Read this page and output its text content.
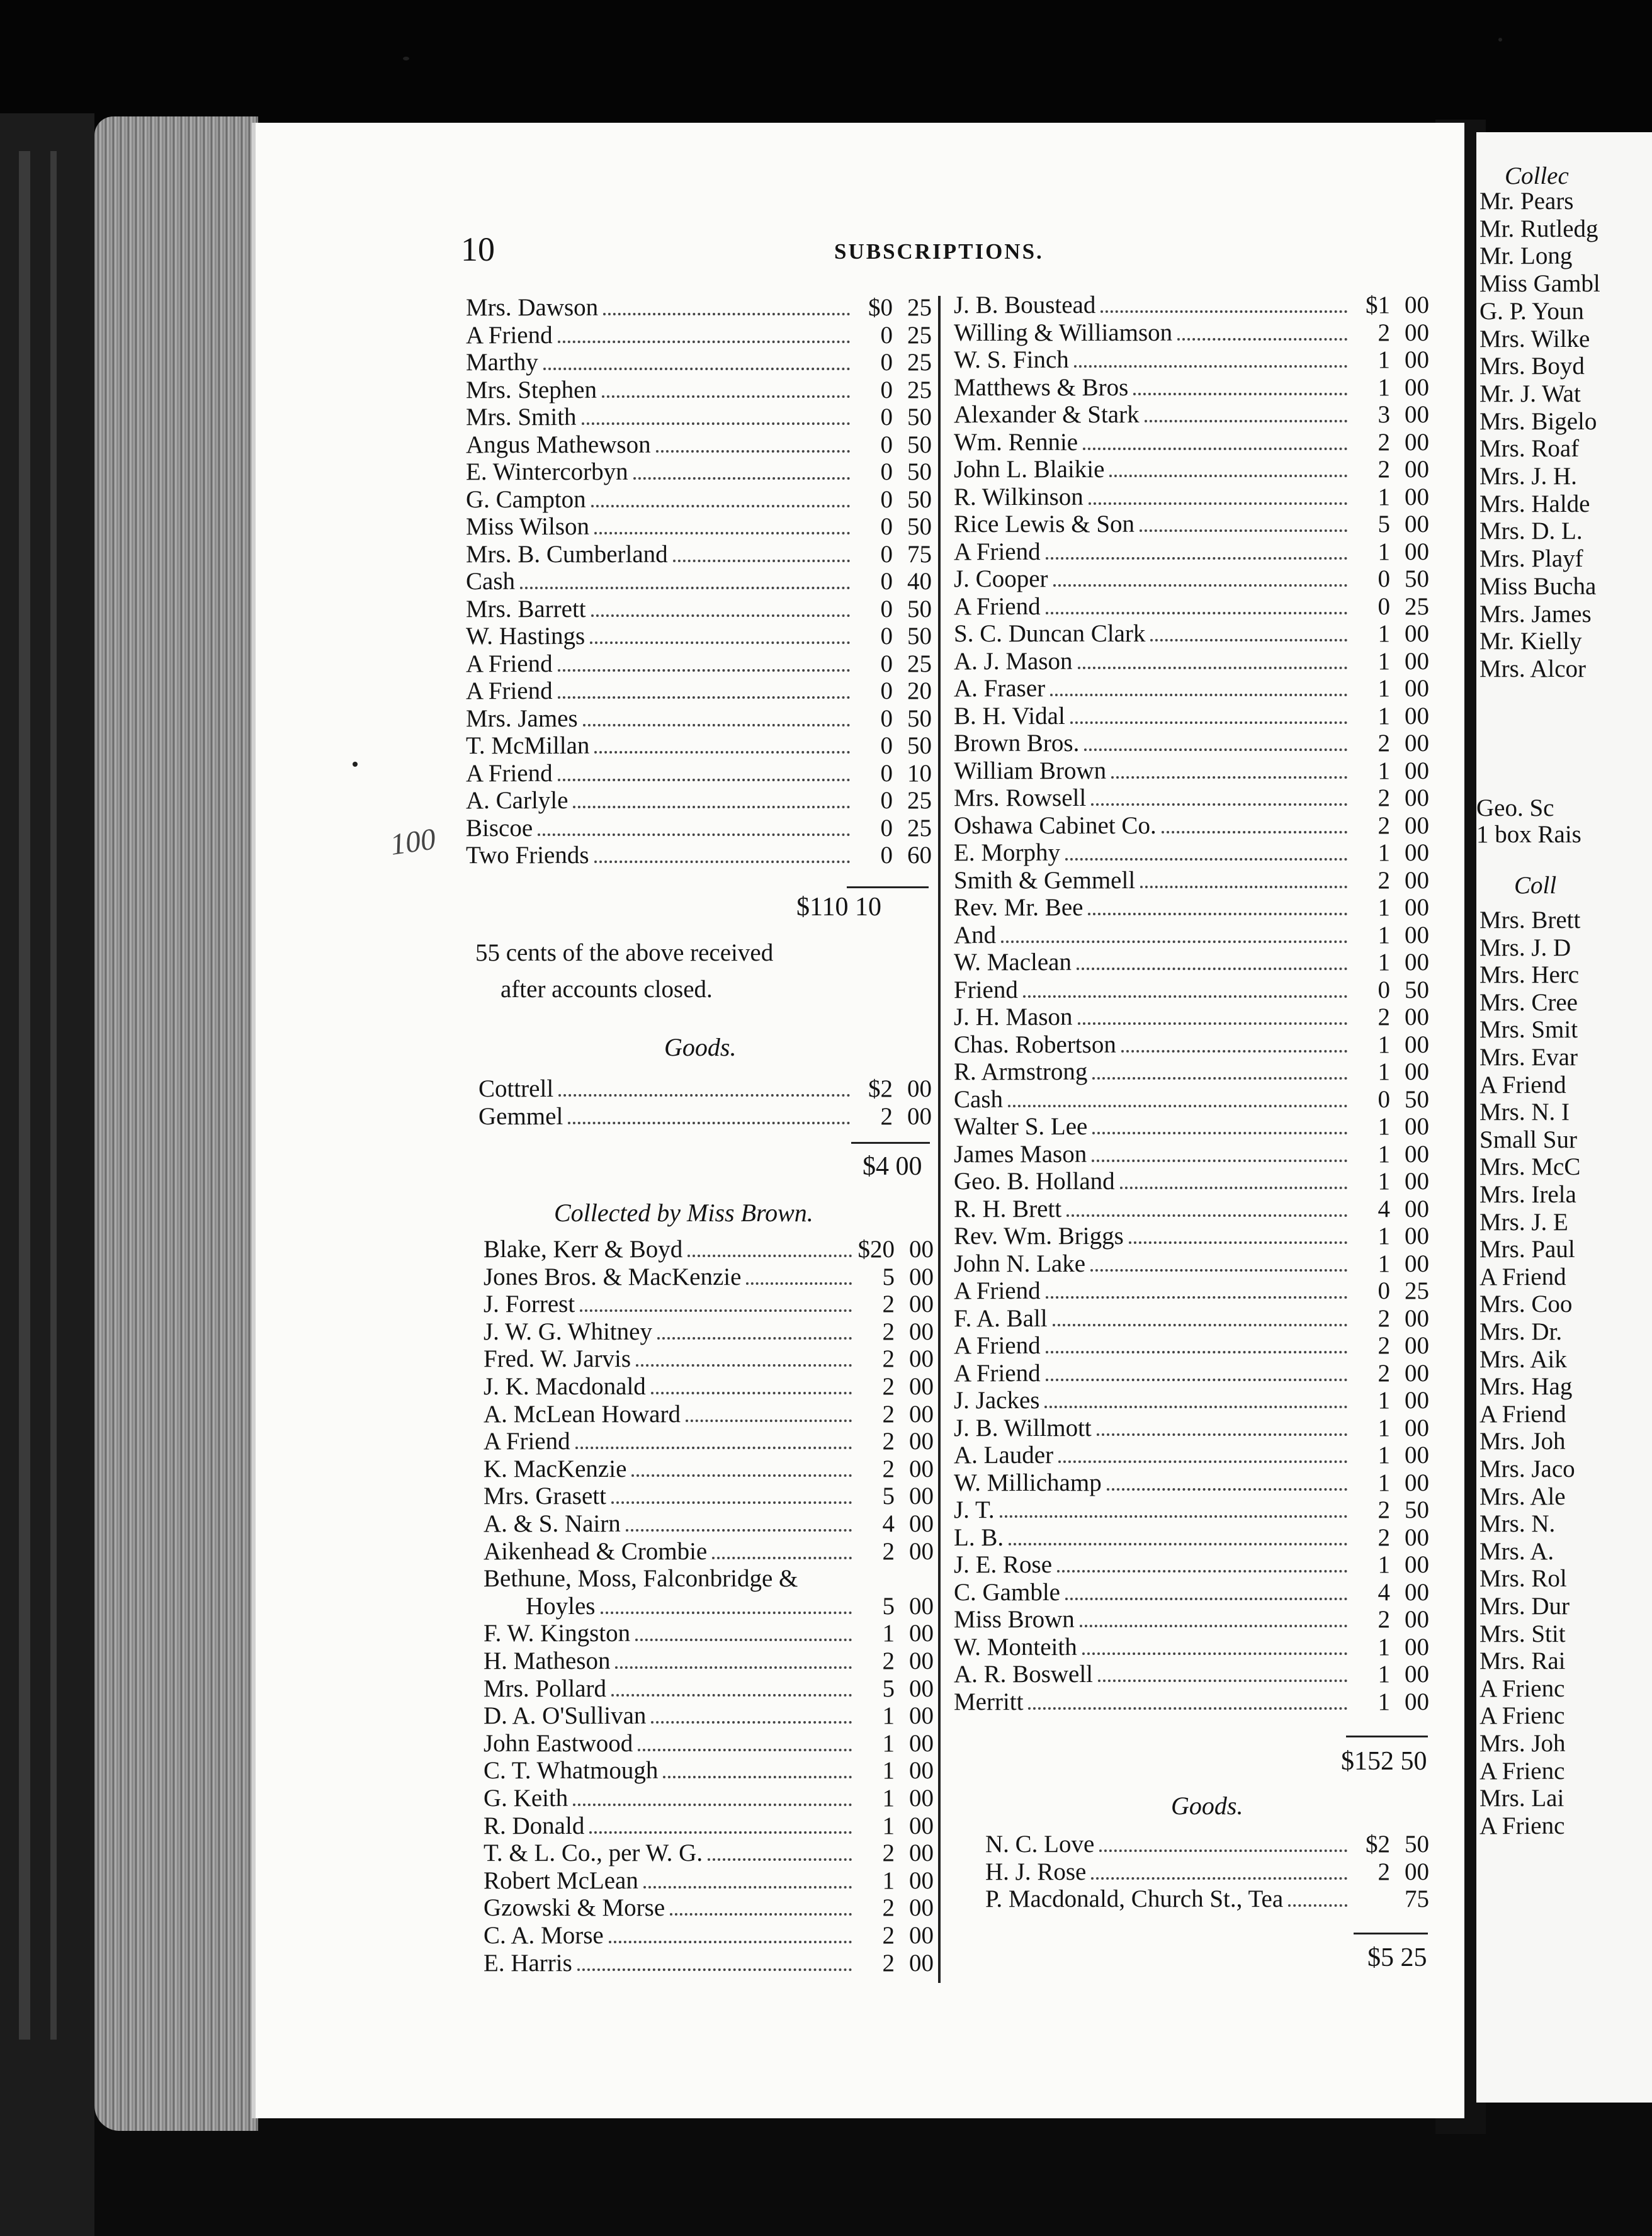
Collec
Mr. Pears
Mr. Rutledg
Mr. Long
Miss Gambl
G. P. Youn
Mrs. Wilke
Mrs. Boyd
Mr. J. Wat
Mrs. Bigelo
Mrs. Roaf
Mrs. J. H.
Mrs. Halde
Mrs. D. L.
Mrs. Playf
Miss Bucha
Mrs. James
Mr. Kielly
Mrs. Alcor
Geo. Sc
1 box Rais
Coll
Mrs. Brett
Mrs. J. D
Mrs. Herc
Mrs. Cree
Mrs. Smit
Mrs. Evar
A Friend
Mrs. N. I
Small Sur
Mrs. McC
Mrs. Irela
Mrs. J. E
Mrs. Paul
A Friend
Mrs. Coo
Mrs. Dr.
Mrs. Aik
Mrs. Hag
A Friend
Mrs. Joh
Mrs. Jaco
Mrs. Ale
Mrs. N.
Mrs. A.
Mrs. Rol
Mrs. Dur
Mrs. Stit
Mrs. Rai
A Frienc
A Frienc
Mrs. Joh
A Frienc
Mrs. Lai
A Frienc
10	SUBSCRIPTIONS.
100
Mrs. Dawson	$0 25
A Friend	0 25
Marthy	0 25
Mrs. Stephen	0 25
Mrs. Smith	0 50
Angus Mathewson	0 50
E. Wintercorbyn	0 50
G. Campton	0 50
Miss Wilson	0 50
Mrs. B. Cumberland	0 75
Cash	0 40
Mrs. Barrett	0 50
W. Hastings	0 50
A Friend	0 25
A Friend	0 20
Mrs. James	0 50
T. McMillan	0 50
A Friend	0 10
A. Carlyle	0 25
Biscoe	0 25
Two Friends	0 60
Cottrell	$2 00
Gemmel	2 00
Blake, Kerr & Boyd	$20 00
Jones Bros. & MacKenzie	5 00
J. Forrest	2 00
J. W. G. Whitney	2 00
Fred. W. Jarvis	2 00
J. K. Macdonald	2 00
A. McLean Howard	2 00
A Friend	2 00
K. MacKenzie	2 00
Mrs. Grasett	5 00
A. & S. Nairn	4 00
Aikenhead & Crombie	2 00
Bethune, Moss, Falconbridge &
Hoyles	5 00
F. W. Kingston	1 00
H. Matheson	2 00
Mrs. Pollard	5 00
D. A. O'Sullivan	1 00
John Eastwood	1 00
C. T. Whatmough	1 00
G. Keith	1 00
R. Donald	1 00
T. & L. Co., per W. G.	2 00
Robert McLean	1 00
Gzowski & Morse	2 00
C. A. Morse	2 00
E. Harris	2 00
J. B. Boustead	$1 00
Willing & Williamson	2 00
W. S. Finch	1 00
Matthews & Bros	1 00
Alexander & Stark	3 00
Wm. Rennie	2 00
John L. Blaikie	2 00
R. Wilkinson	1 00
Rice Lewis & Son	5 00
A Friend	1 00
J. Cooper	0 50
A Friend	0 25
S. C. Duncan Clark	1 00
A. J. Mason	1 00
A. Fraser	1 00
B. H. Vidal	1 00
Brown Bros.	2 00
William Brown	1 00
Mrs. Rowsell	2 00
Oshawa Cabinet Co.	2 00
E. Morphy	1 00
Smith & Gemmell	2 00
Rev. Mr. Bee	1 00
And	1 00
W. Maclean	1 00
Friend	0 50
J. H. Mason	2 00
Chas. Robertson	1 00
R. Armstrong	1 00
Cash	0 50
Walter S. Lee	1 00
James Mason	1 00
Geo. B. Holland	1 00
R. H. Brett	4 00
Rev. Wm. Briggs	1 00
John N. Lake	1 00
A Friend	0 25
F. A. Ball	2 00
A Friend	2 00
A Friend	2 00
J. Jackes	1 00
J. B. Willmott	1 00
A. Lauder	1 00
W. Millichamp	1 00
J. T.	2 50
L. B.	2 00
J. E. Rose	1 00
C. Gamble	4 00
Miss Brown	2 00
W. Monteith	1 00
A. R. Boswell	1 00
Merritt	1 00
N. C. Love	$2 50
H. J. Rose	2 00
P. Macdonald, Church St., Tea	75
$110 10
55 cents of the above received
after accounts closed.
Goods.
$4 00
Collected by Miss Brown.
$152 50
Goods.
$5 25
